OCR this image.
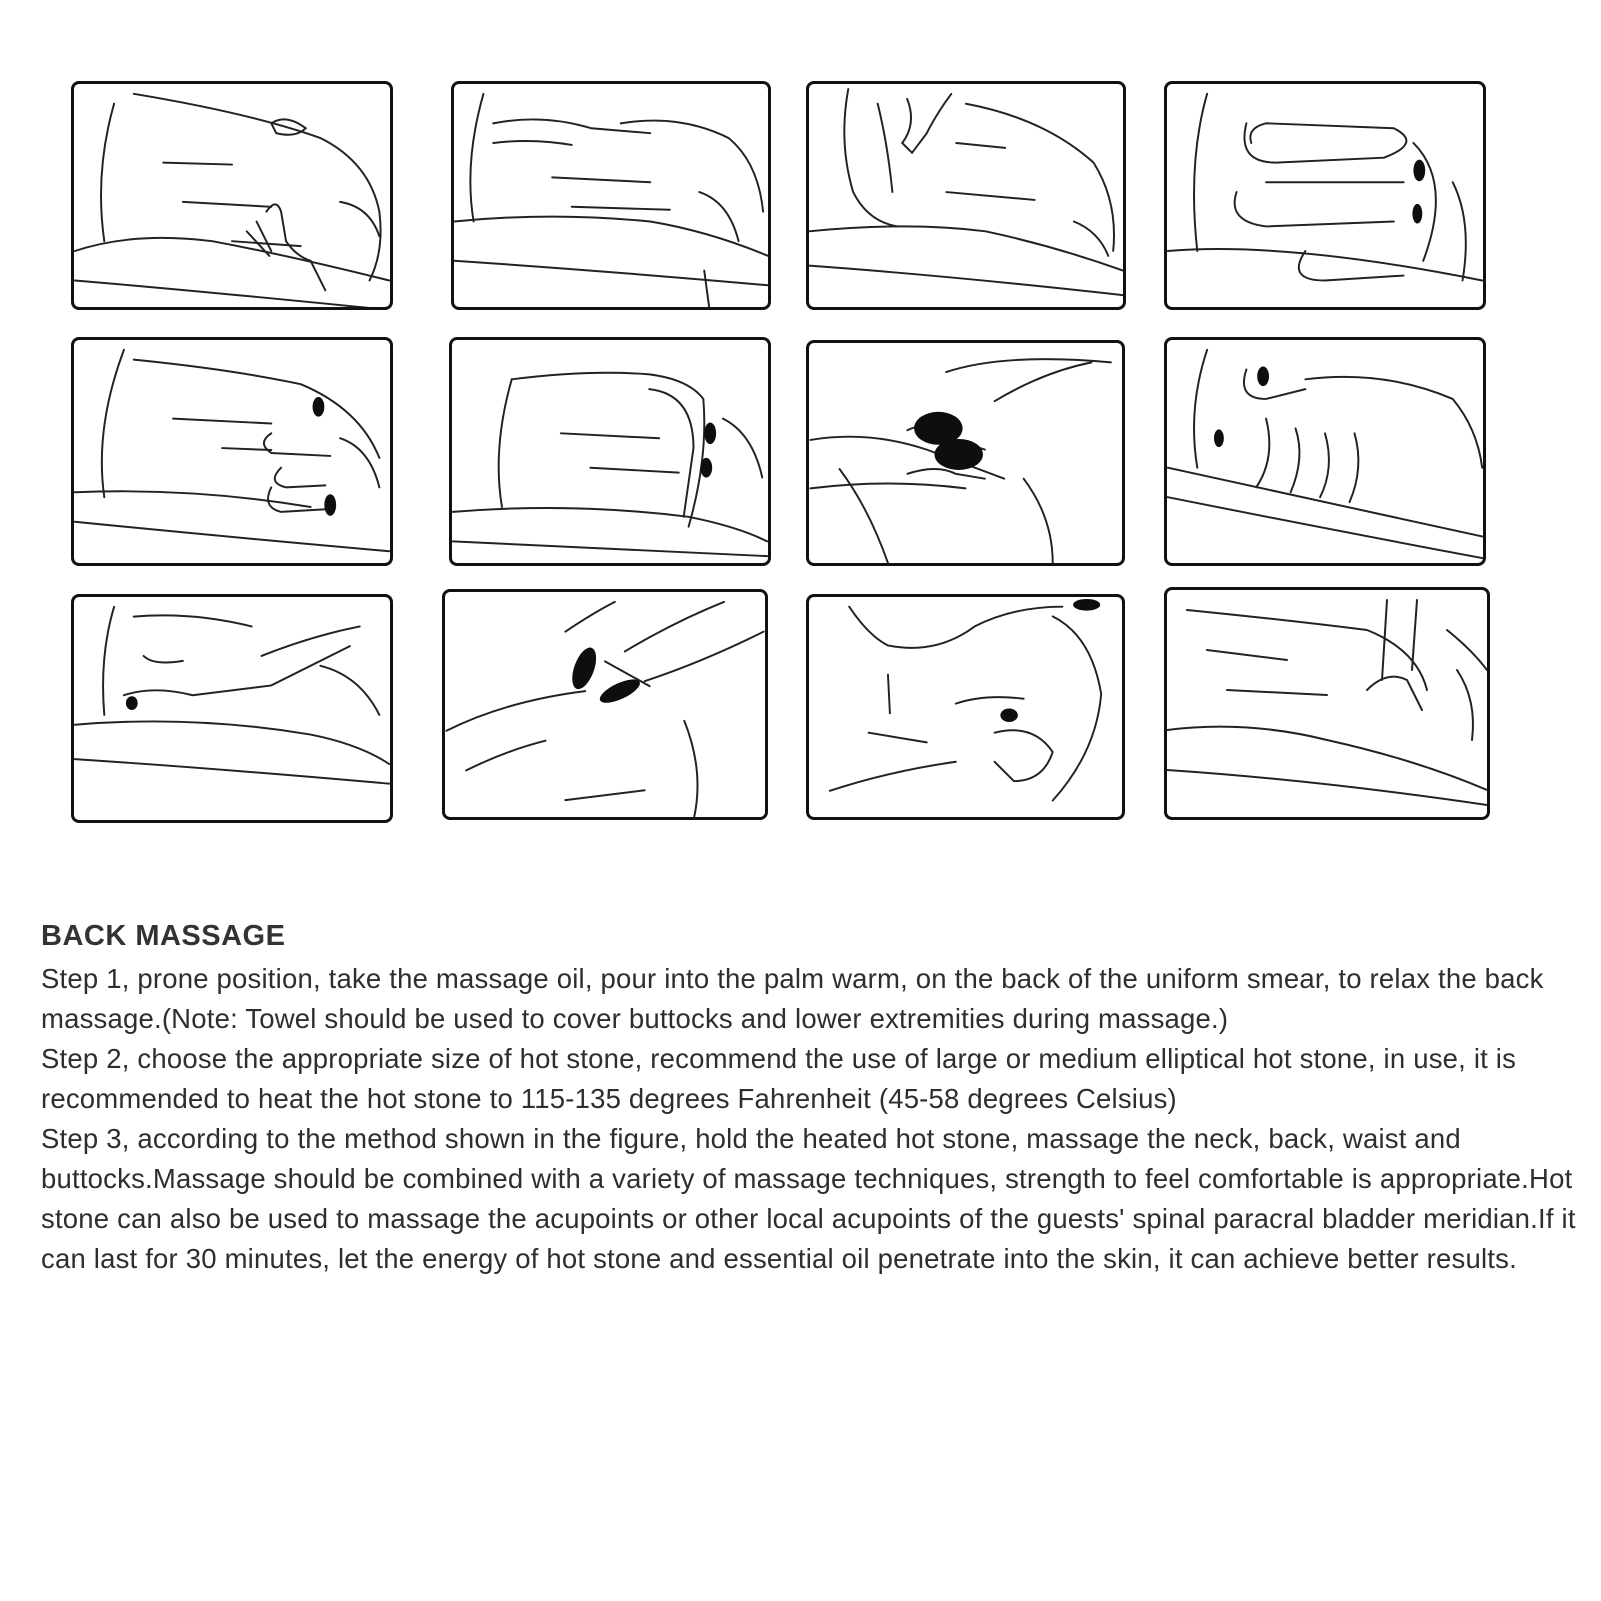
BACK MASSAGE

Step 1, prone position, take the massage oil, pour into the palm warm, on the back of the uniform smear, to relax the back massage.(Note: Towel should be used to cover buttocks and lower extremities during massage.)

Step 2, choose the appropriate size of hot stone, recommend the use of large or medium elliptical hot stone, in use, it is recommended to heat the hot stone to 115-135 degrees Fahrenheit (45-58 degrees Celsius)

Step 3, according to the method shown in the figure, hold the heated hot stone, massage the neck, back, waist and buttocks.Massage should be combined with a variety of massage techniques, strength to feel comfortable is appropriate.Hot stone can also be used to massage the acupoints or other local acupoints of the guests' spinal paracral bladder meridian.If it can last for 30 minutes, let the energy of hot stone and essential oil penetrate into the skin, it can achieve better results.
